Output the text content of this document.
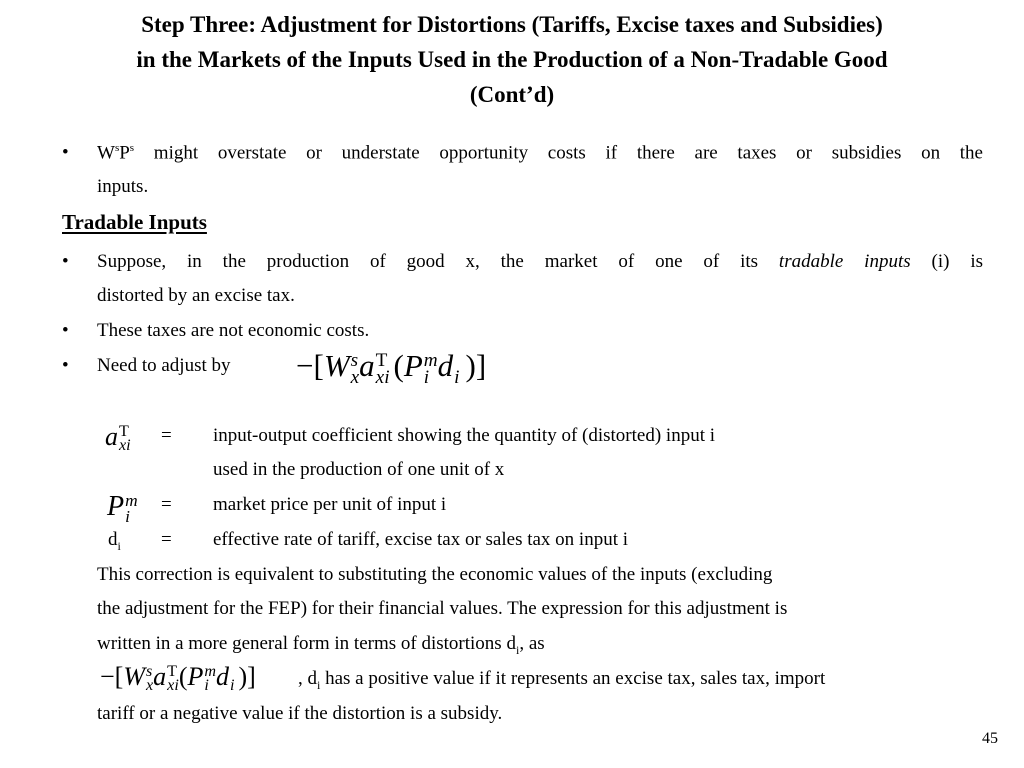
Step Three: Adjustment for Distortions (Tariffs, Excise taxes and Subsidies)
in the Markets of the Inputs Used in the Production of a Non-Tradable Good
(Cont’d)
• $W^sP^s$ might overstate or understate opportunity costs if there are taxes or subsidies on the
inputs.
Tradable Inputs
• Suppose, in the production of good x, the market of one of its tradable inputs (i) is
distorted by an excise tax.
• These taxes are not economic costs.
• Need to adjust by −[W s
x a T
xi (P m
i d
i )]
a T
xi = input-output coefficient showing the quantity of (distorted) input i
used in the production of one unit of x
P m
i
= market price per unit of input i
$d_i$ = effective rate of tariff, excise tax or sales tax on input i
This correction is equivalent to substituting the economic values of the inputs (excluding
the adjustment for the FEP) for their financial values. The expression for this adjustment is
written in a more general form in terms of distortions $d_i$, as
−[W s
x a T
xi (P m
i d
i )] , $d_i$ has a positive value if it represents an excise tax, sales tax, import
tariff or a negative value if the distortion is a subsidy.
45
